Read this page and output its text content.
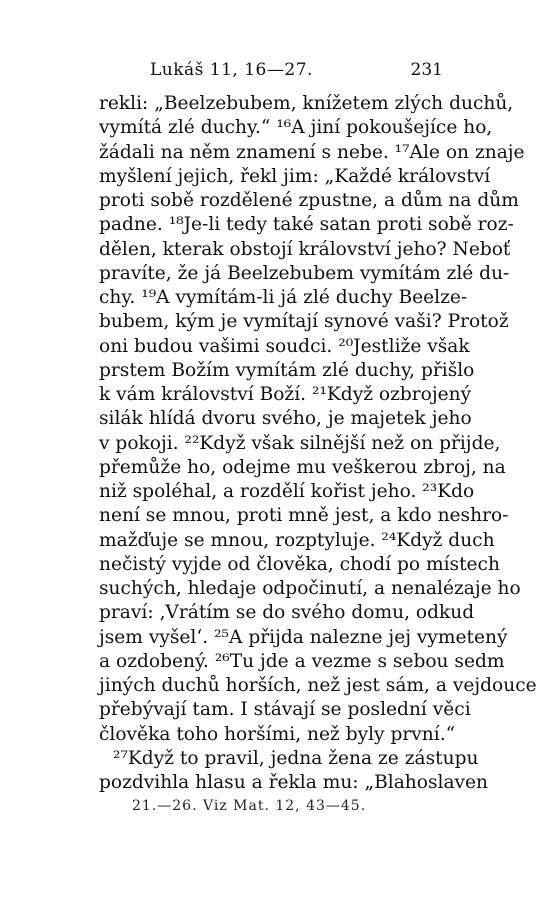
Lukáš 11, 16—27.	231
rekli: „Beelzebubem, knížetem zlých duchů,
vymítá zlé duchy.“ ¹⁶A jiní pokoušejíce ho,
žádali na něm znamení s nebe. ¹⁷Ale on znaje
myšlení jejich, řekl jim: „Každé království
proti sobě rozdělené zpustne, a dům na dům
padne. ¹⁸Je-li tedy také satan proti sobě roz-
dělen, kterak obstojí království jeho? Neboť
pravíte, že já Beelzebubem vymítám zlé du-
chy. ¹⁹A vymítám-li já zlé duchy Beelze-
bubem, kým je vymítají synové vaši? Protož
oni budou vašimi soudci. ²⁰Jestliže však
prstem Božím vymítám zlé duchy, přišlo
k vám království Boží. ²¹Když ozbrojený
silák hlídá dvoru svého, je majetek jeho
v pokoji. ²²Když však silnější než on přijde,
přemůže ho, odejme mu veškerou zbroj, na
niž spoléhal, a rozdělí kořist jeho. ²³Kdo
není se mnou, proti mně jest, a kdo neshro-
mažďuje se mnou, rozptyluje. ²⁴Když duch
nečistý vyjde od člověka, chodí po místech
suchých, hledaje odpočinutí, a nenalézaje ho
praví: ‚Vrátím se do svého domu, odkud
jsem vyšel‘. ²⁵A přijda nalezne jej vymetený
a ozdobený. ²⁶Tu jde a vezme s sebou sedm
jiných duchů horších, než jest sám, a vejdouce
přebývají tam. I stávají se poslední věci
člověka toho horšími, než byly první.“
²⁷Když to pravil, jedna žena ze zástupu
pozdvihla hlasu a řekla mu: „Blahoslaven
21.—26. Viz Mat. 12, 43—45.
